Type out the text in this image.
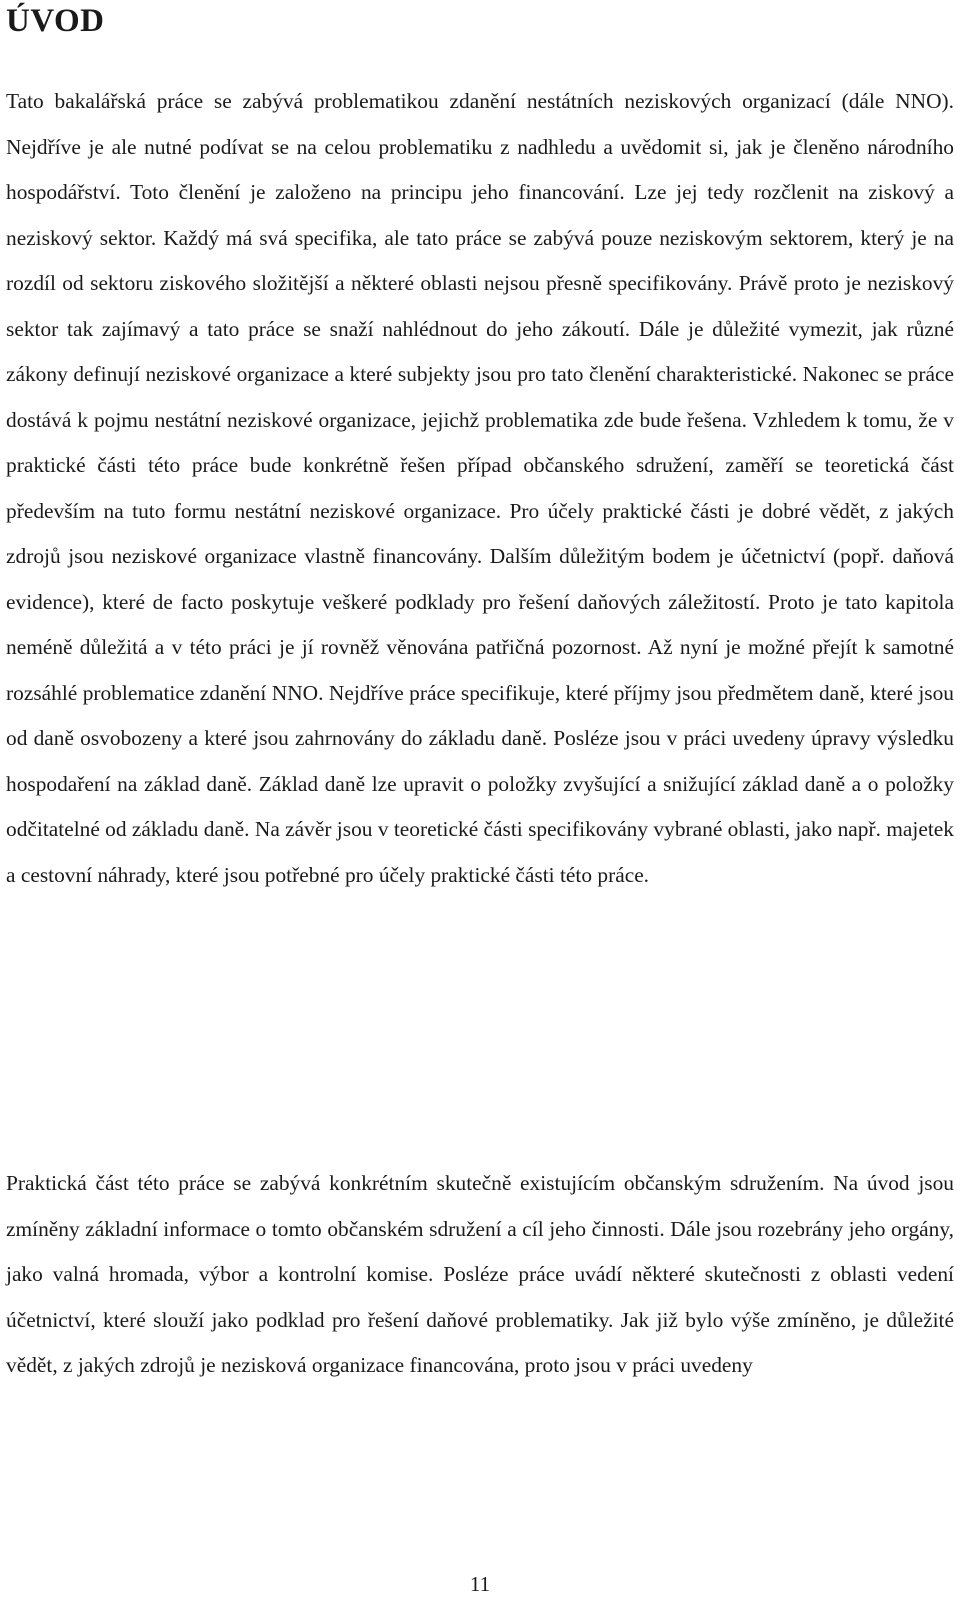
ÚVOD

Tato bakalářská práce se zabývá problematikou zdanění nestátních neziskových organizací (dále NNO). Nejdříve je ale nutné podívat se na celou problematiku z nadhledu a uvědomit si, jak je členěno národního hospodářství. Toto členění je založeno na principu jeho financování. Lze jej tedy rozčlenit na ziskový a neziskový sektor. Každý má svá specifika, ale tato práce se zabývá pouze neziskovým sektorem, který je na rozdíl od sektoru ziskového složitější a některé oblasti nejsou přesně specifikovány. Právě proto je neziskový sektor tak zajímavý a tato práce se snaží nahlédnout do jeho zákoutí. Dále je důležité vymezit, jak různé zákony definují neziskové organizace a které subjekty jsou pro tato členění charakteristické. Nakonec se práce dostává k pojmu nestátní neziskové organizace, jejichž problematika zde bude řešena. Vzhledem k tomu, že v praktické části této práce bude konkrétně řešen případ občanského sdružení, zaměří se teoretická část především na tuto formu nestátní neziskové organizace. Pro účely praktické části je dobré vědět, z jakých zdrojů jsou neziskové organizace vlastně financovány. Dalším důležitým bodem je účetnictví (popř. daňová evidence), které de facto poskytuje veškeré podklady pro řešení daňových záležitostí. Proto je tato kapitola neméně důležitá a v této práci je jí rovněž věnována patřičná pozornost. Až nyní je možné přejít k samotné rozsáhlé problematice zdanění NNO. Nejdříve práce specifikuje, které příjmy jsou předmětem daně, které jsou od daně osvobozeny a které jsou zahrnovány do základu daně. Posléze jsou v práci uvedeny úpravy výsledku hospodaření na základ daně. Základ daně lze upravit o položky zvyšující a snižující základ daně a o položky odčitatelné od základu daně. Na závěr jsou v teoretické části specifikovány vybrané oblasti, jako např. majetek a cestovní náhrady, které jsou potřebné pro účely praktické části této práce.

Praktická část této práce se zabývá konkrétním skutečně existujícím občanským sdružením. Na úvod jsou zmíněny základní informace o tomto občanském sdružení a cíl jeho činnosti. Dále jsou rozebrány jeho orgány, jako valná hromada, výbor a kontrolní komise. Posléze práce uvádí některé skutečnosti z oblasti vedení účetnictví, které slouží jako podklad pro řešení daňové problematiky. Jak již bylo výše zmíněno, je důležité vědět, z jakých zdrojů je nezisková organizace financována, proto jsou v práci uvedeny

11
